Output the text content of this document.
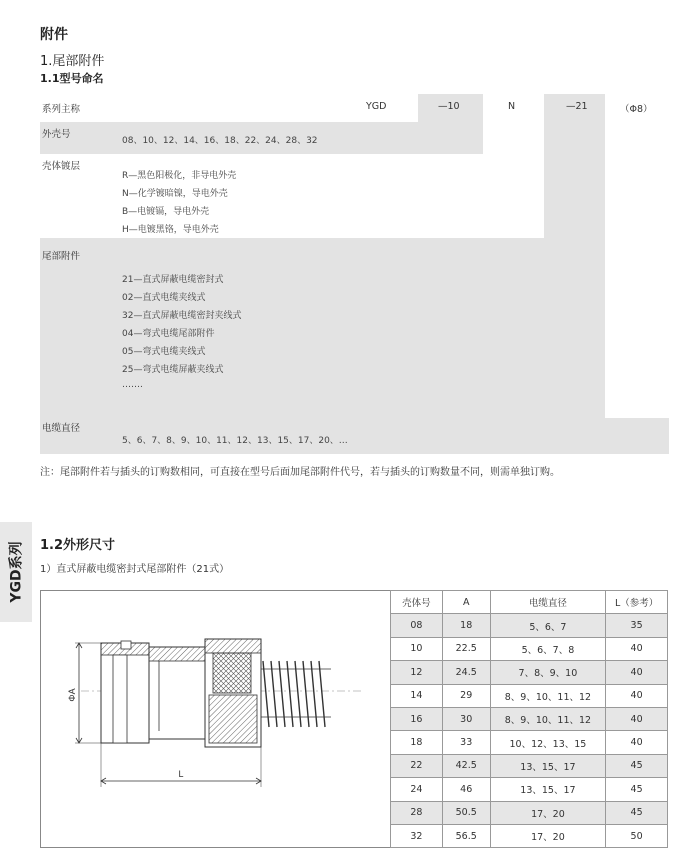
附件
1.尾部附件
1.1型号命名
系列主称	YGD	—10	N	—21	（Φ8）
外壳号
08、10、12、14、16、18、22、24、28、32
壳体镀层
R—黑色阳极化，非导电外壳
N—化学镀暗镍，导电外壳
B—电镀镉，导电外壳
H—电镀黑铬，导电外壳
尾部附件
21—直式屏蔽电缆密封式
02—直式电缆夹线式
32—直式屏蔽电缆密封夹线式
04—弯式电缆尾部附件
05—弯式电缆夹线式
25—弯式电缆屏蔽夹线式
…….
电缆直径
5、6、7、8、9、10、11、12、13、15、17、20、…
YGD系列
注：尾部附件若与插头的订购数相同，可直接在型号后面加尾部附件代号，若与插头的订购数量不同，则需单独订购。
1.2外形尺寸
1）直式屏蔽电缆密封式尾部附件（21式）
ΦA
L
壳体号	A	电缆直径	L（参考）
08	18	5、6、7	35
10	22.5	5、6、7、8	40
12	24.5	7、8、9、10	40
14	29	8、9、10、11、12	40
16	30	8、9、10、11、12	40
18	33	10、12、13、15	40
22	42.5	13、15、17	45
24	46	13、15、17	45
28	50.5	17、20	45
32	56.5	17、20	50
